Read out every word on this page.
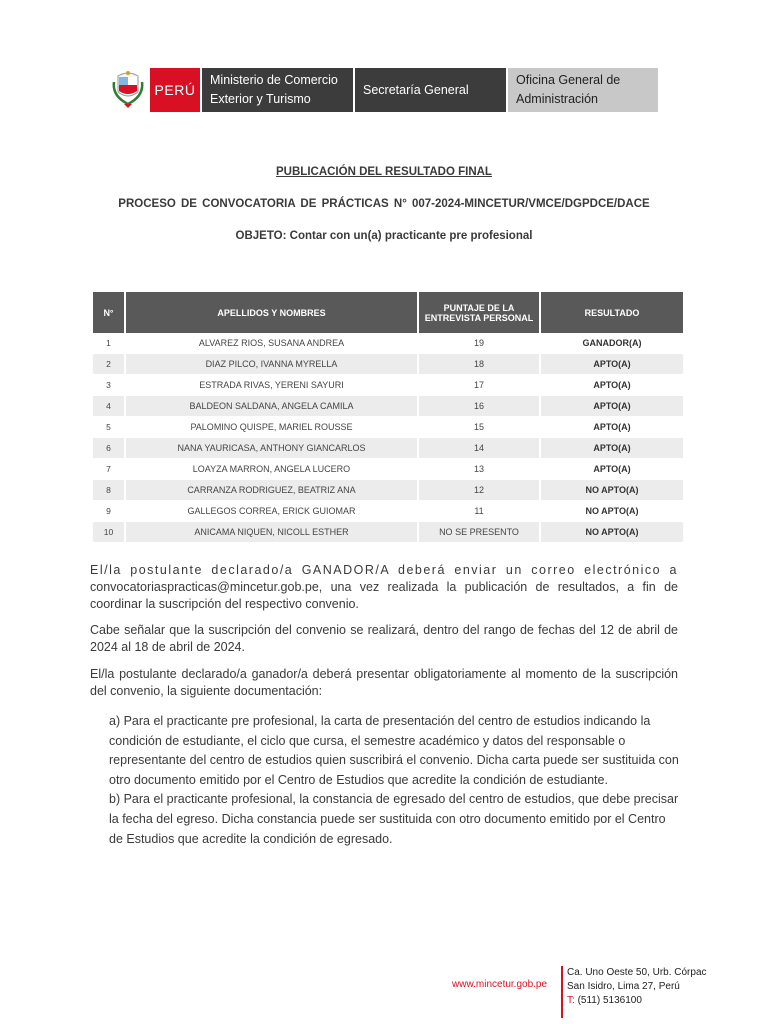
PERÚ
Ministerio de Comercio Exterior y Turismo
Secretaría General
Oficina General de Administración
PUBLICACIÓN DEL RESULTADO FINAL
PROCESO DE CONVOCATORIA DE PRÁCTICAS N° 007-2024-MINCETUR/VMCE/DGPDCE/DACE
OBJETO: Contar con un(a) practicante pre profesional
N°	APELLIDOS Y NOMBRES	PUNTAJE DE LA ENTREVISTA PERSONAL	RESULTADO
1	ALVAREZ RIOS, SUSANA ANDREA	19	GANADOR(A)
2	DIAZ PILCO, IVANNA MYRELLA	18	APTO(A)
3	ESTRADA RIVAS, YERENI SAYURI	17	APTO(A)
4	BALDEON SALDANA, ANGELA CAMILA	16	APTO(A)
5	PALOMINO QUISPE, MARIEL ROUSSE	15	APTO(A)
6	NANA YAURICASA, ANTHONY GIANCARLOS	14	APTO(A)
7	LOAYZA MARRON, ANGELA LUCERO	13	APTO(A)
8	CARRANZA RODRIGUEZ, BEATRIZ ANA	12	NO APTO(A)
9	GALLEGOS CORREA, ERICK GUIOMAR	11	NO APTO(A)
10	ANICAMA NIQUEN, NICOLL ESTHER	NO SE PRESENTO	NO APTO(A)
El/la postulante declarado/a GANADOR/A deberá enviar un correo electrónico a convocatoriaspracticas@mincetur.gob.pe, una vez realizada la publicación de resultados, a fin de coordinar la suscripción del respectivo convenio.
Cabe señalar que la suscripción del convenio se realizará, dentro del rango de fechas del 12 de abril de 2024 al 18 de abril de 2024.
El/la postulante declarado/a ganador/a deberá presentar obligatoriamente al momento de la suscripción del convenio, la siguiente documentación:
a) Para el practicante pre profesional, la carta de presentación del centro de estudios indicando la condición de estudiante, el ciclo que cursa, el semestre académico y datos del responsable o representante del centro de estudios quien suscribirá el convenio. Dicha carta puede ser sustituida con otro documento emitido por el Centro de Estudios que acredite la condición de estudiante.
b) Para el practicante profesional, la constancia de egresado del centro de estudios, que debe precisar la fecha del egreso. Dicha constancia puede ser sustituida con otro documento emitido por el Centro de Estudios que acredite la condición de egresado.
www.mincetur.gob.pe
Ca. Uno Oeste 50, Urb. Córpac
San Isidro, Lima 27, Perú
T: (511) 5136100
